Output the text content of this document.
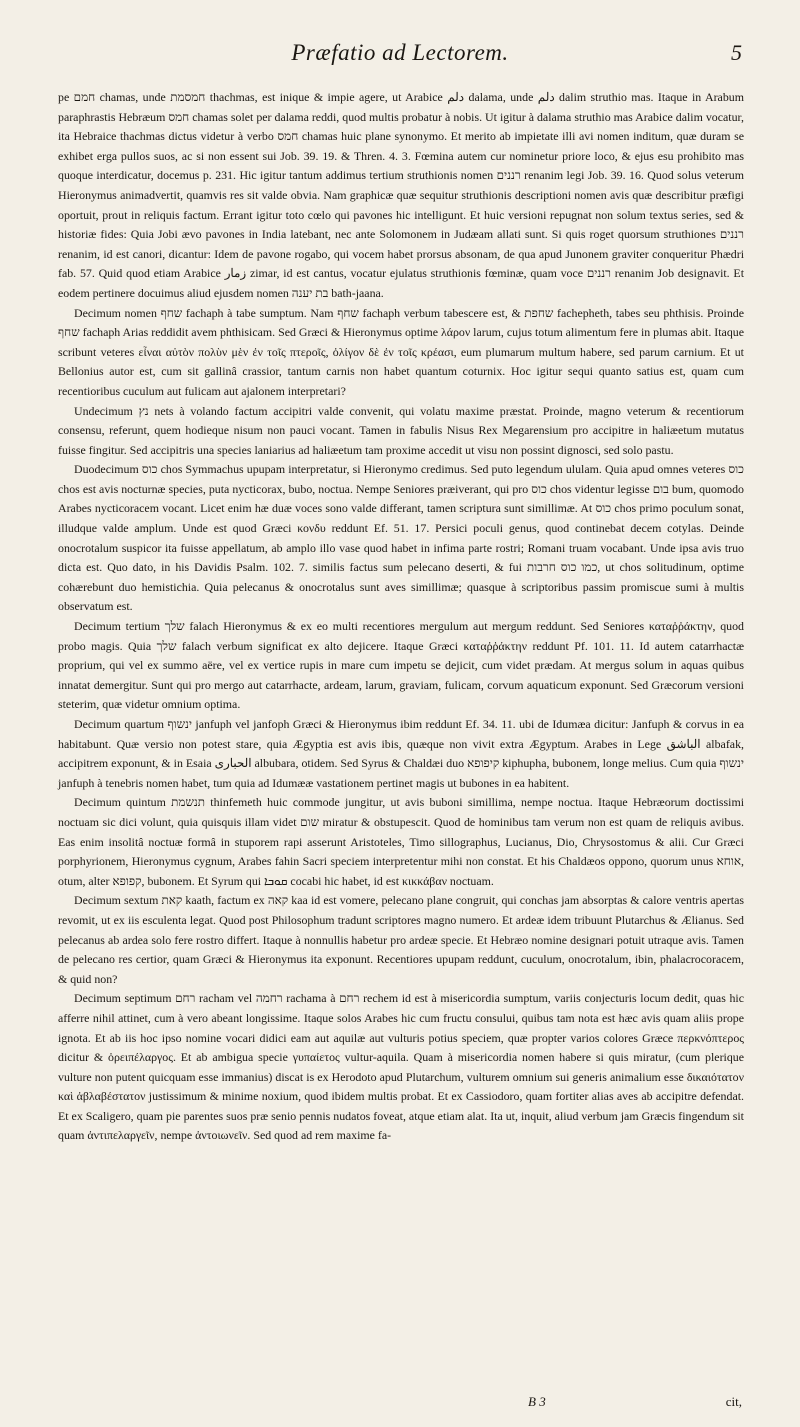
Præfatio ad Lectorem.	5

pe חמם chamas, unde חמסמת thachmas, est inique & impie agere, ut Arabice دلم dalama, unde دلم dalim struthio mas. Itaque in Arabum paraphrastis Hebræum חמס chamas solet per dalama reddi, quod multis probatur à nobis. Ut igitur à dalama struthio mas Arabice dalim vocatur, ita Hebraice thachmas dictus videtur à verbo חמס chamas huic plane synonymo. Et merito ab impietate illi avi nomen inditum, quæ duram se exhibet erga pullos suos, ac si non essent sui Job. 39. 19. & Thren. 4. 3. Fœmina autem cur nominetur priore loco, & ejus esu prohibito mas quoque interdicatur, docemus p. 231. Hic igitur tantum addimus tertium struthionis nomen רננים renanim legi Job. 39. 16. Quod solus veterum Hieronymus animadvertit, quamvis res sit valde obvia. Nam graphicæ quæ sequitur struthionis descriptioni nomen avis quæ describitur præfigi oportuit, prout in reliquis factum. Errant igitur toto cœlo qui pavones hic intelligunt. Et huic versioni repugnat non solum textus series, sed & historiæ fides: Quia Jobi ævo pavones in India latebant, nec ante Solomonem in Judæam allati sunt. Si quis roget quorsum struthiones רננים renanim, id est canori, dicantur: Idem de pavone rogabo, qui vocem habet prorsus absonam, de qua apud Junonem graviter conqueritur Phædri fab. 57. Quid quod etiam Arabice زمار zimar, id est cantus, vocatur ejulatus struthionis fœminæ, quam voce רננים renanim Job designavit. Et eodem pertinere docuimus aliud ejusdem nomen בת יענה bath-jaana.

Decimum nomen שחף fachaph à tabe sumptum. Nam שחף fachaph verbum tabescere est, & שחפת fachepheth, tabes seu phthisis. Proinde שחף fachaph Arias reddidit avem phthisicam. Sed Græci & Hieronymus optime λάρον larum, cujus totum alimentum fere in plumas abit. Itaque scribunt veteres εἶναι αὐτὸν πολὺν μὲν ἐν τοῖς πτεροῖς, ὀλίγον δὲ ἐν τοῖς κρέασι, eum plumarum multum habere, sed parum carnium. Et ut Bellonius autor est, cum sit gallinâ crassior, tantum carnis non habet quantum coturnix. Hoc igitur sequi quanto satius est, quam cum recentioribus cuculum aut fulicam aut ajalonem interpretari?

Undecimum נץ nets à volando factum accipitri valde convenit, qui volatu maxime præstat. Proinde, magno veterum & recentiorum consensu, referunt, quem hodieque nisum non pauci vocant. Tamen in fabulis Nisus Rex Megarensium pro accipitre in haliæetum mutatus fuisse fingitur. Sed accipitris una species laniarius ad haliæetum tam proxime accedit ut visu non possint dignosci, sed solo pastu.

Duodecimum כוס chos Symmachus upupam interpretatur, si Hieronymo credimus. Sed puto legendum ululam. Quia apud omnes veteres כוס chos est avis nocturnæ species, puta nycticorax, bubo, noctua. Nempe Seniores præiverant, qui pro כוס chos videntur legisse בום bum, quomodo Arabes nycticoracem vocant. Licet enim hæ duæ voces sono valde differant, tamen scriptura sunt simillimæ. At כוס chos primo poculum sonat, illudque valde amplum. Unde est quod Græci κονδυ reddunt Ef. 51. 17. Persici poculi genus, quod continebat decem cotylas. Deinde onocrotalum suspicor ita fuisse appellatum, ab amplo illo vase quod habet in infima parte rostri; Romani truam vocabant. Unde ipsa avis truo dicta est. Quo dato, in his Davidis Psalm. 102. 7. similis factus sum pelecano deserti, & fui כמו כוס חרבות, ut chos solitudinum, optime cohærebunt duo hemistichia. Quia pelecanus & onocrotalus sunt aves simillimæ; quasque à scriptoribus passim promiscue sumi à multis observatum est.

Decimum tertium שלך falach Hieronymus & ex eo multi recentiores mergulum aut mergum reddunt. Sed Seniores καταῤῥάκτην, quod probo magis. Quia שלך falach verbum significat ex alto dejicere. Itaque Græci καταῤῥάκτην reddunt Pf. 101. 11. Id autem catarrhactæ proprium, qui vel ex summo aëre, vel ex verticе rupis in mare cum impetu se dejicit, cum videt prædam. At mergus solum in aquas quibus innatat demergitur. Sunt qui pro mergo aut catarrhacte, ardeam, larum, graviam, fulicam, corvum aquaticum exponunt. Sed Græcorum versioni steterim, quæ videtur omnium optima.

Decimum quartum ינשוף janfuph vel janfoph Græci & Hieronymus ibim reddunt Ef. 34. 11. ubi de Idumæa dicitur: Janfuph & corvus in ea habitabunt. Quæ versio non potest stare, quia Ægyptia est avis ibis, quæque non vivit extra Ægyptum. Arabes in Lege الباشق albafak, accipitrem exponunt, & in Esaia الحبارى albubara, otidem. Sed Syrus & Chaldæi duo קיפופא kiphupha, bubonem, longe melius. Cum quia ינשוף janfuph à tenebris nomen habet, tum quia ad Idumææ vastationem pertinet magis ut bubones in ea habitent.

Decimum quintum תנשמת thinfemeth huic commode jungitur, ut avis buboni simillima, nempe noctua. Itaque Hebræorum doctissimi noctuam sic dici volunt, quia quisquis illam videt שום miratur & obstupescit. Quod de hominibus tam verum non est quam de reliquis avibus. Eas enim insolitâ noctuæ formâ in stuporem rapi asserunt Aristoteles, Timo sillographus, Lucianus, Dio, Chrysostomus & alii. Cur Græci porphyrionem, Hieronymus cygnum, Arabes fahin Sacri speciem interpretentur mihi non constat. Et his Chaldæos oppono, quorum unus אוחא, otum, alter קפופא, bubonem. Et Syrum qui ܩܘܒܐ cocabi hic habet, id est κικκάβαν noctuam.

Decimum sextum קאת kaath, factum ex קאה kaa id est vomere, pelecano plane congruit, qui conchas jam absorptas & calore ventris apertas revomit, ut ex iis esculenta legat. Quod post Philosophum tradunt scriptores magno numero. Et ardeæ idem tribuunt Plutarchus & Ælianus. Sed pelecanus ab ardea solo fere rostro differt. Itaque à nonnullis habetur pro ardeæ specie. Et Hebræo nomine designari potuit utraque avis. Tamen de pelecano res certior, quam Græci & Hieronymus ita exponunt. Recentiores upupam reddunt, cuculum, onocrotalum, ibin, phalacrocoracem, & quid non?

Decimum septimum רחם racham vel רחמה rachama à רחם rechem id est à misericordia sumptum, variis conjecturis locum dedit, quas hic afferre nihil attinet, cum à vero abeant longissime. Itaque solos Arabes hic cum fructu consului, quibus tam nota est hæc avis quam aliis prope ignota. Et ab iis hoc ipso nomine vocari didici eam aut aquilæ aut vulturis potius speciem, quæ propter varios colores Græce περκνόπτερος dicitur & ὀρειπέλαργος. Et ab ambigua specie γυπαίετος vultur-aquila. Quam à misericordia nomen habere si quis miratur, (cum plerique vulture non putent quicquam esse immanius) discat is ex Herodoto apud Plutarchum, vulturem omnium sui generis animalium esse δικαιότατον καὶ ἀβλαβέστατον justissimum & minime noxium, quod ibidem multis probat. Et ex Cassiodoro, quam fortiter alias aves ab accipitre defendat. Et ex Scaligero, quam pie parentes suos præ senio pennis nudatos foveat, atque etiam alat. Ita ut, inquit, aliud verbum jam Græcis fingendum sit quam ἀντιπελαργεῖν, nempe ἀντοιωνεῖν. Sed quod ad rem maxime fa-

B 3	cit,
